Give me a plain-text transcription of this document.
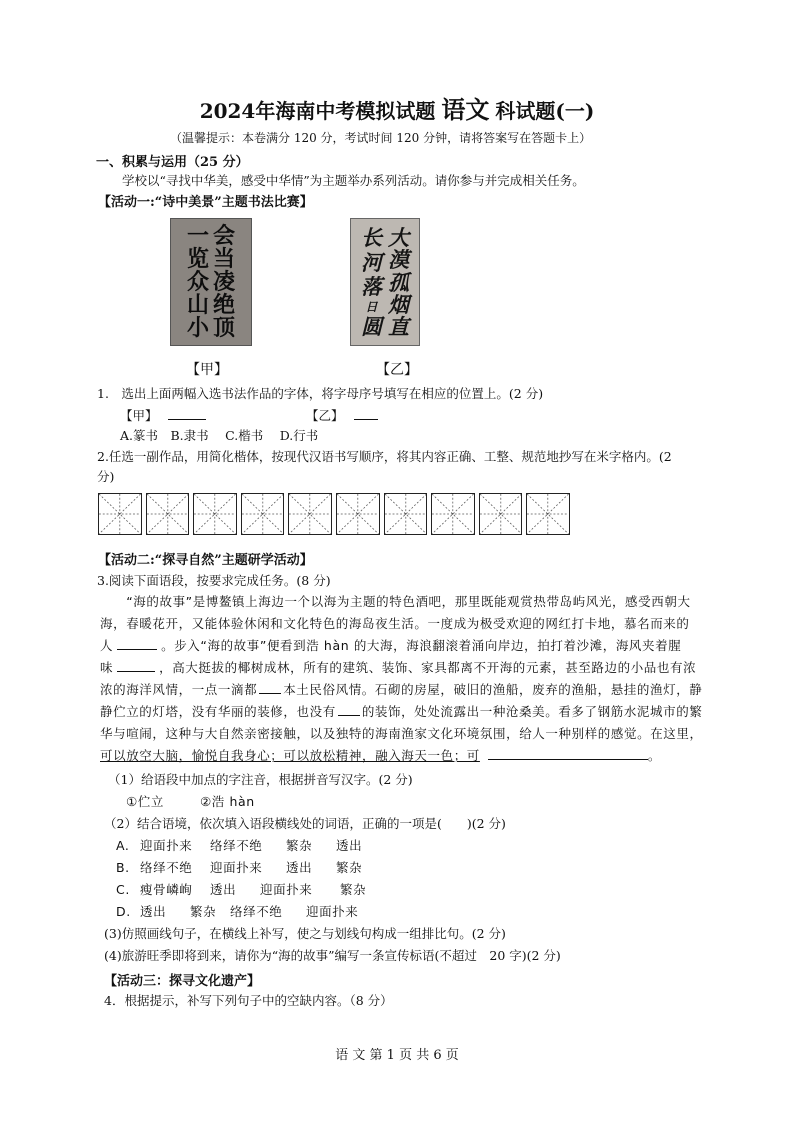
2024年海南中考模拟试题 语文 科试题(一)
（温馨提示：本卷满分 120 分，考试时间 120 分钟，请将答案写在答题卡上）
一、积累与运用（25 分）
学校以“寻找中华美，感受中华情”为主题举办系列活动。请你参与并完成相关任务。
【活动一:“诗中美景”主题书法比赛】
一
览
众
山
小
会
当
凌
绝
顶
长
河
落
日
圆
大
漠
孤
烟
直
【甲】	【乙】
1.　选出上面两幅入选书法作品的字体，将字母序号填写在相应的位置上。(2 分)
【甲】	【乙】
A.篆书　B.隶书　 C.楷书　 D.行书
2.任选一副作品，用简化楷体，按现代汉语书写顺序，将其内容正确、工整、规范地抄写在米字格内。(2
分)
【活动二:“探寻自然”主题研学活动】
3.阅读下面语段，按要求完成任务。(8 分)
　　“海的故事”是博鳌镇上海边一个以海为主题的特色酒吧，那里既能观赏热带岛屿风光，感受西朝大
海，春暖花开，又能体验休闲和文化特色的海岛夜生活。一度成为极受欢迎的网红打卡地，慕名而来的
人	。步入“海的故事”便看到浩 hàn 的大海，海浪翻滚着涌向岸边，拍打着沙滩，海风夹着腥
味	，高大挺拔的椰树成林，所有的建筑、装饰、家具都离不开海的元素，甚至路边的小品也有浓
浓的海洋风情，一点一滴都 本土民俗风情。石砌的房屋，破旧的渔船，废弃的渔船，悬挂的渔灯，静
静伫立的灯塔，没有华丽的装修，也没有 的装饰，处处流露出一种沧桑美。看多了钢筋水泥城市的繁
华与喧闹，这种与大自然亲密接触，以及独特的海南渔家文化环境氛围，给人一种别样的感觉。在这里，
可以放空大脑，愉悦自我身心；可以放松精神，融入海天一色；可	。
（1）给语段中加点的字注音，根据拼音写汉字。(2 分)
①伫立	②浩 hàn
（2）结合语境，依次填入语段横线处的词语，正确的一项是(　　)(2 分)
A. 迎面扑来 络绎不绝 繁杂 透出
B. 络绎不绝 迎面扑来 透出 繁杂
C. 瘦骨嶙峋 透出 迎面扑来 繁杂
D. 透出 繁杂 络绎不绝 迎面扑来
(3)仿照画线句子，在横线上补写，使之与划线句构成一组排比句。(2 分)
(4)旅游旺季即将到来，请你为“海的故事”编写一条宣传标语(不超过　20 字)(2 分)
【活动三：探寻文化遗产】
4．根据提示，补写下列句子中的空缺内容。（8 分）
语 文 第 1 页 共 6 页
